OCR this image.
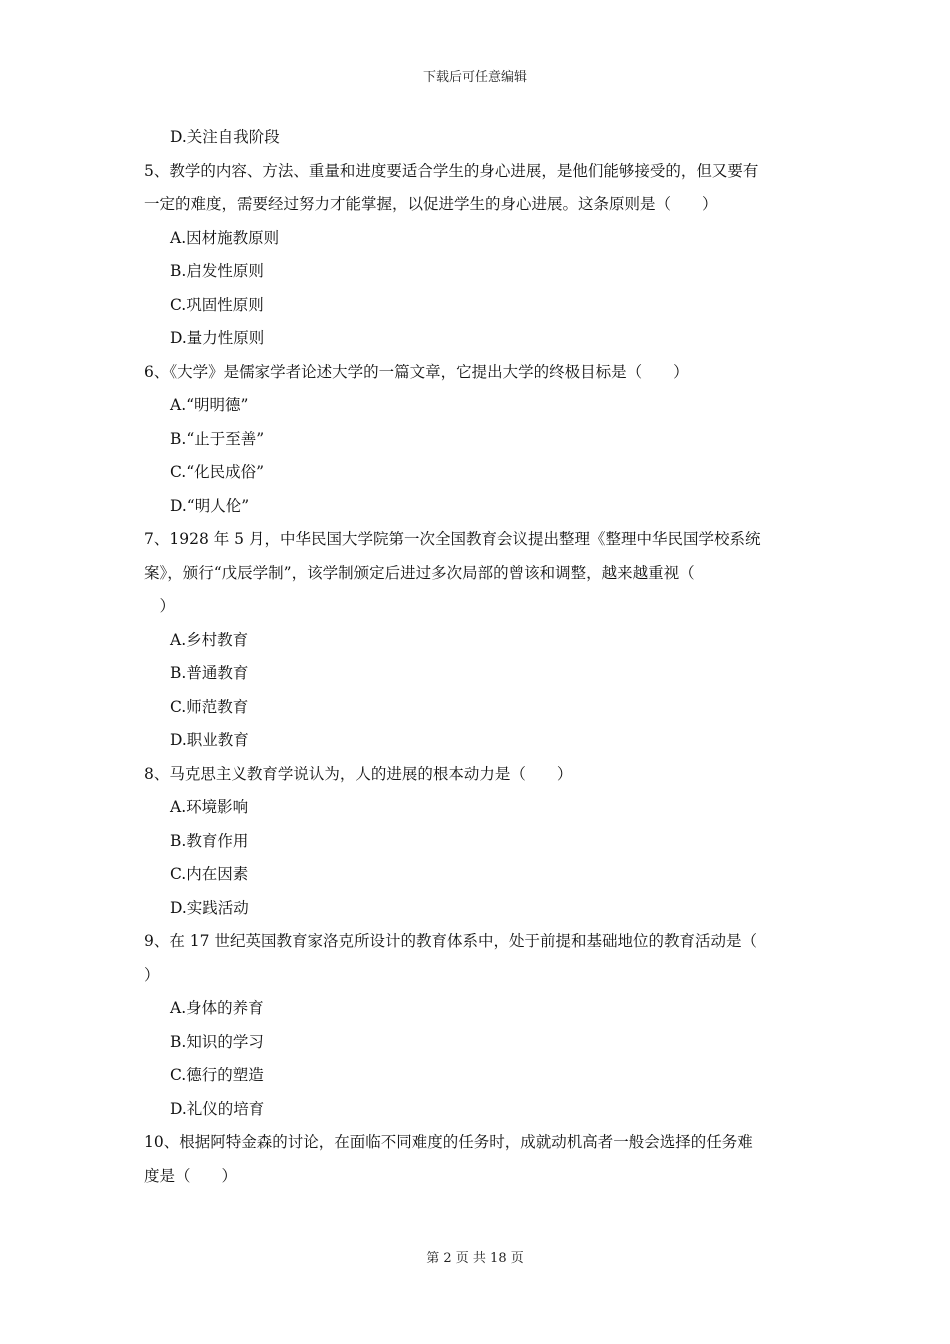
下载后可任意编辑
D.关注自我阶段
5、教学的内容、方法、重量和进度要适合学生的身心进展，是他们能够接受的，但又要有
一定的难度，需要经过努力才能掌握，以促进学生的身心进展。这条原则是（　　）
A.因材施教原则
B.启发性原则
C.巩固性原则
D.量力性原则
6、《大学》是儒家学者论述大学的一篇文章，它提出大学的终极目标是（　　）
A.“明明德”
B.“止于至善”
C.“化民成俗”
D.“明人伦”
7、1928 年 5 月，中华民国大学院第一次全国教育会议提出整理《整理中华民国学校系统
案》，颁行“戊辰学制”，该学制颁定后进过多次局部的曾该和调整，越来越重视（
　）
A.乡村教育
B.普通教育
C.师范教育
D.职业教育
8、马克思主义教育学说认为，人的进展的根本动力是（　　）
A.环境影响
B.教育作用
C.内在因素
D.实践活动
9、在 17 世纪英国教育家洛克所设计的教育体系中，处于前提和基础地位的教育活动是（
）
A.身体的养育
B.知识的学习
C.德行的塑造
D.礼仪的培育
10、根据阿特金森的讨论，在面临不同难度的任务时，成就动机高者一般会选择的任务难
度是（　　）
第 2 页 共 18 页
